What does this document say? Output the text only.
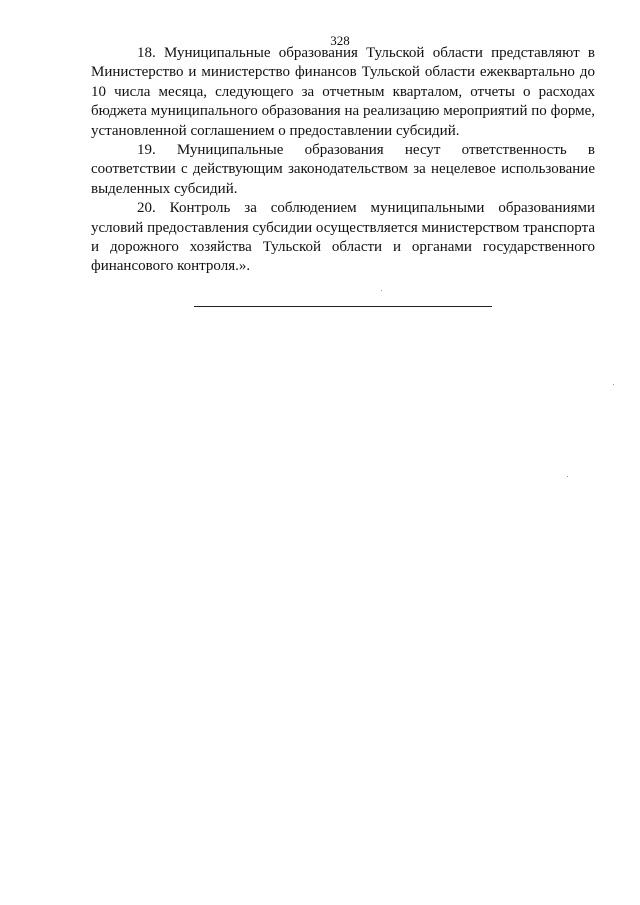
328

18. Муниципальные образования Тульской области представляют в Министерство и министерство финансов Тульской области ежеквартально до 10 числа месяца, следующего за отчетным кварталом, отчеты о расходах бюджета муниципального образования на реализацию мероприятий по форме, установленной соглашением о предоставлении субсидий.

19. Муниципальные образования несут ответственность в соответствии с действующим законодательством за нецелевое использование выделенных субсидий.

20. Контроль за соблюдением муниципальными образованиями условий предоставления субсидии осуществляется министерством транспорта и дорожного хозяйства Тульской области и органами государственного финансового контроля.».
